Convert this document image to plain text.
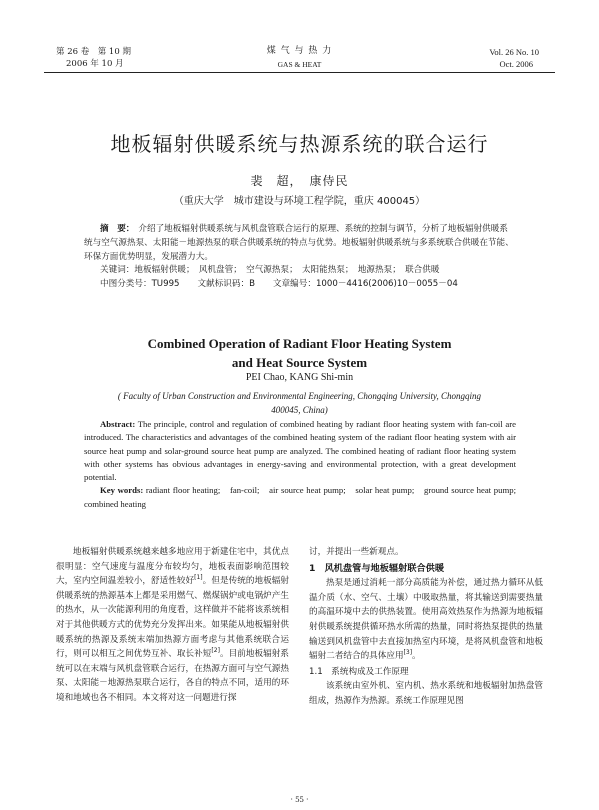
第 26 卷　第 10 期
2006 年 10 月
煤 气 与 热 力
GAS & HEAT
Vol. 26 No. 10
Oct. 2006
地板辐射供暖系统与热源系统的联合运行
裴　超，　康侍民
（重庆大学　城市建设与环境工程学院，重庆 400045）

摘　要： 介绍了地板辐射供暖系统与风机盘管联合运行的原理、系统的控制与调节，分析了地板辐射供暖系统与空气源热泵、太阳能－地源热泵的联合供暖系统的特点与优势。地板辐射供暖系统与多系统联合供暖在节能、环保方面优势明显，发展潜力大。

关键词：地板辐射供暖；　风机盘管；　空气源热泵；　太阳能热泵；　地源热泵；　联合供暖

中图分类号：TU995 文献标识码：B 文章编号：1000－4416(2006)10－0055－04

Combined Operation of Radiant Floor Heating System
and Heat Source System
PEI Chao, KANG Shi-min
( Faculty of Urban Construction and Environmental Engineering, Chongqing University, Chongqing
400045, China)
Abstract: The principle, control and regulation of combined heating by radiant floor heating system with fan-coil are introduced. The characteristics and advantages of the combined heating system of the radiant floor heating system with air source heat pump and solar-ground source heat pump are analyzed. The combined heating of radiant floor heating system with other systems has obvious advantages in energy-saving and environmental protection, with a great development potential.
Key words: radiant floor heating;　fan-coil;　air source heat pump;　solar heat pump;　ground source heat pump;　combined heating

地板辐射供暖系统越来越多地应用于新建住宅中，其优点很明显：空气速度与温度分布较均匀，地板表面影响范围较大，室内空间温差较小，舒适性较好[1]。但是传统的地板辐射供暖系统的热源基本上都是采用燃气、燃煤锅炉或电锅炉产生的热水，从一次能源利用的角度看，这样做并不能将该系统相对于其他供暖方式的优势充分发挥出来。如果能从地板辐射供暖系统的热源及系统末端加热源方面考虑与其他系统联合运行，则可以相互之间优势互补、取长补短[2]。目前地板辐射系统可以在末端与风机盘管联合运行，在热源方面可与空气源热泵、太阳能－地源热泵联合运行，各自的特点不同，适用的环境和地域也各不相同。本文将对这一问题进行探

讨，并提出一些新观点。

1　风机盘管与地板辐射联合供暖

热泵是通过消耗一部分高质能为补偿，通过热力循环从低温介质（水、空气、土壤）中吸取热量，将其输送到需要热量的高温环境中去的供热装置。使用高效热泵作为热源为地板辐射供暖系统提供循环热水所需的热量，同时将热泵提供的热量输送到风机盘管中去直接加热室内环境，是将风机盘管和地板辐射二者结合的具体应用[3]。

1.1　系统构成及工作原理

该系统由室外机、室内机、热水系统和地板辐射加热盘管组成，热源作为热源。系统工作原理见图

· 55 ·
